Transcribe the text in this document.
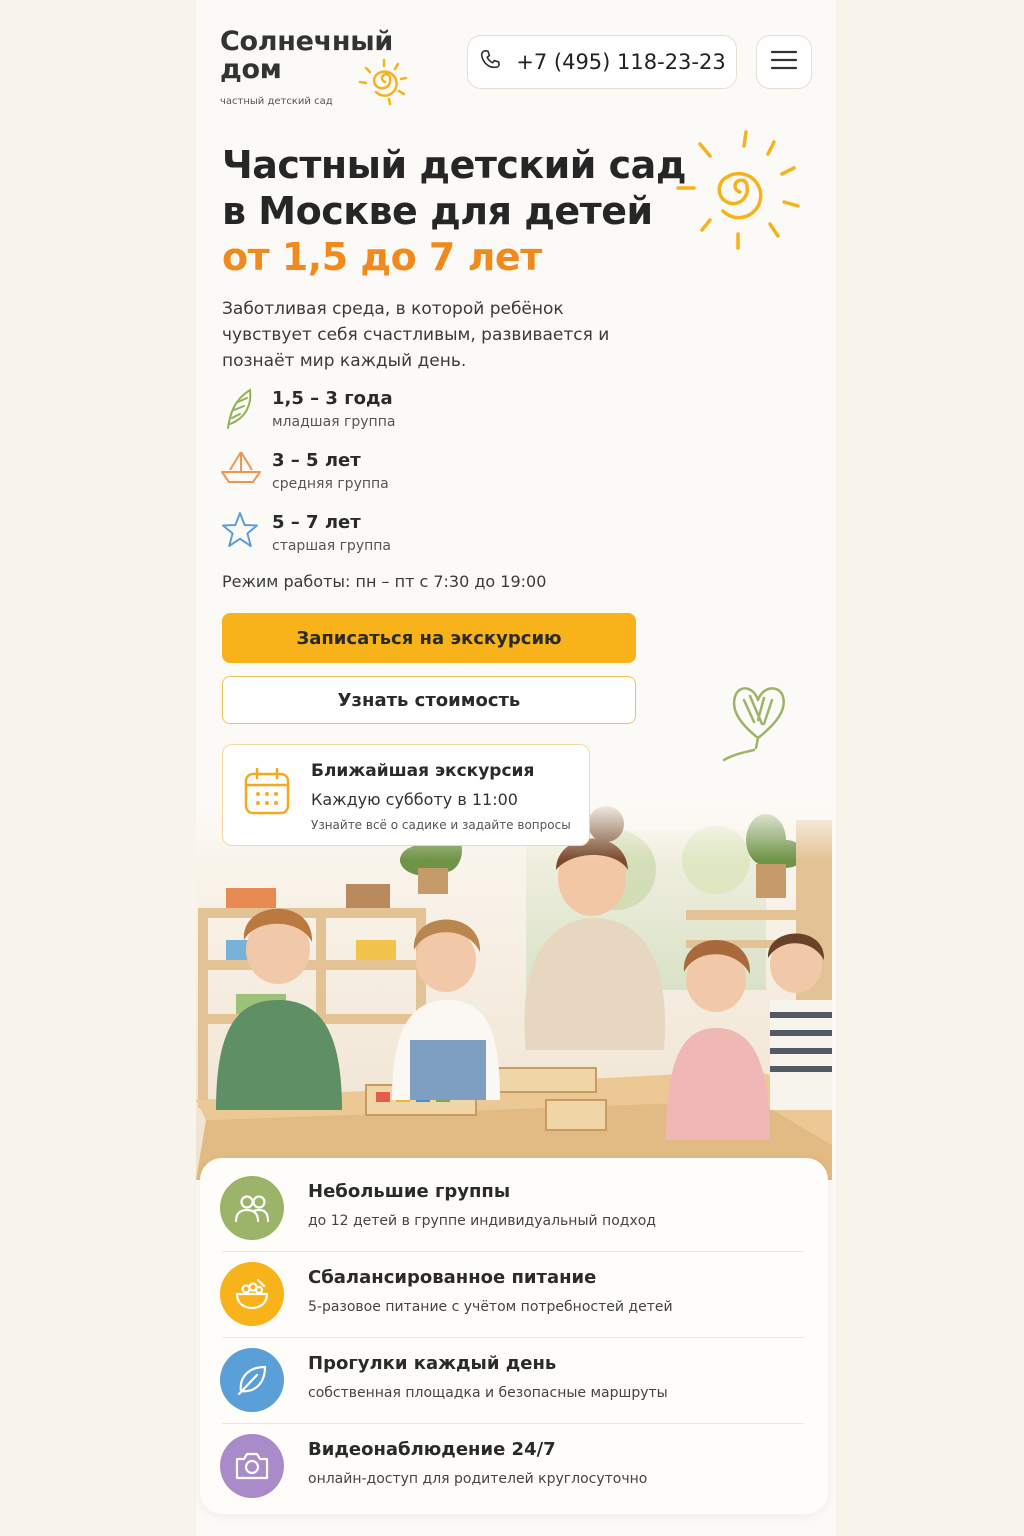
Солнечный
дом
частный детский сад
+7 (495) 118-23-23
Частный детский сад
в Москве для детей
от 1,5 до 7 лет

Заботливая среда, в которой ребёнок чувствует себя счастливым, развивается и познаёт мир каждый день.

1,5 – 3 года
младшая группа
3 – 5 лет
средняя группа
5 – 7 лет
старшая группа
Режим работы: пн – пт с 7:30 до 19:00
Записаться на экскурсию
Узнать стоимость
Ближайшая экскурсия
Каждую субботу в 11:00
Узнайте всё о садике и задайте вопросы
Небольшие группы
до 12 детей в группе индивидуальный подход
Сбалансированное питание
5-разовое питание с учётом потребностей детей
Прогулки каждый день
собственная площадка и безопасные маршруты
Видеонаблюдение 24/7
онлайн-доступ для родителей круглосуточно
